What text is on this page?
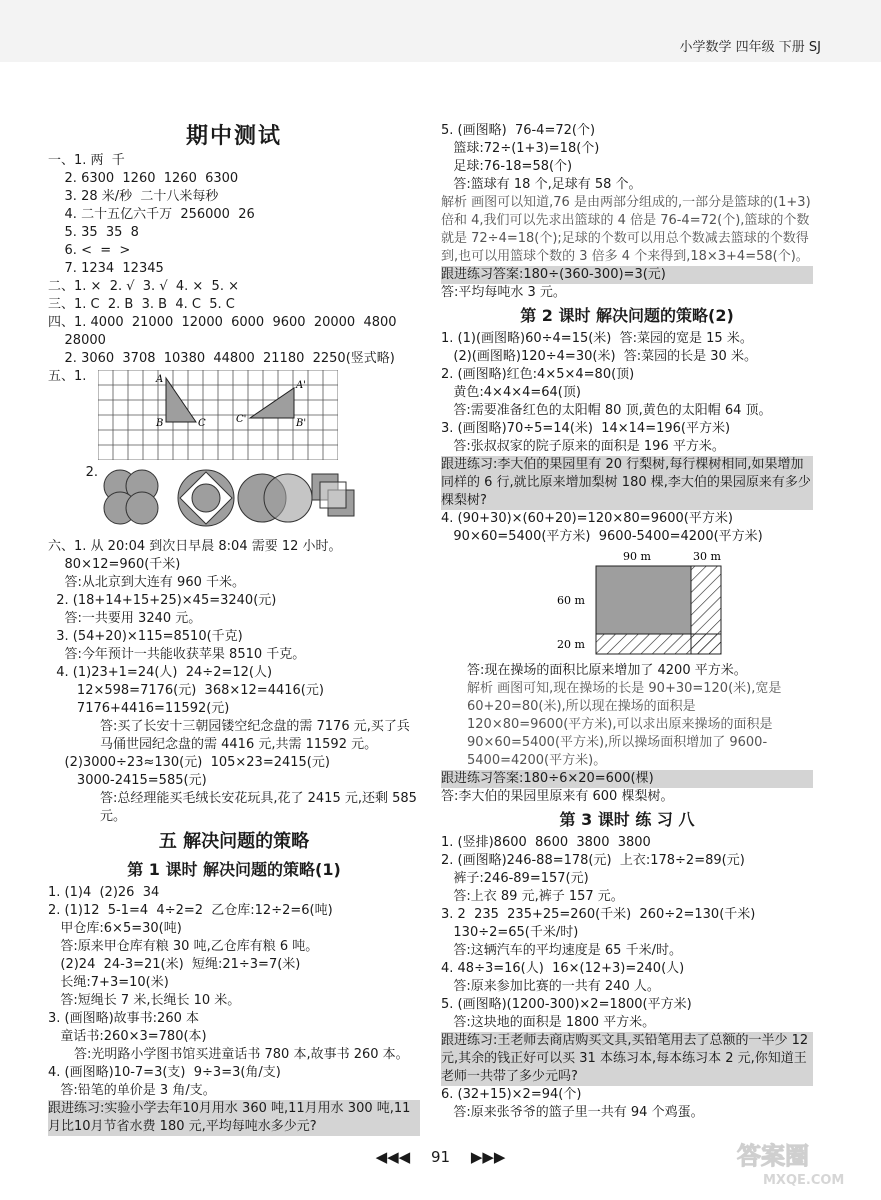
小学数学 四年级 下册 SJ
期中测试
一、1. 两  千
2. 6300  1260  1260  6300
3. 28 米/秒  二十八米每秒
4. 二十五亿六千万  256000  26
5. 35  35  8
6. <  =  >
7. 1234  12345
二、1. ×  2. √  3. √  4. ×  5. ×
三、1. C  2. B  3. B  4. C  5. C
四、1. 4000  21000  12000  6000  9600  20000  4800
28000
2. 3060  3708  10380  44800  21180  2250(竖式略)
五、1.	A
B	C
A'
B'
C'
2.
六、1. 从 20:04 到次日早晨 8:04 需要 12 小时。
80×12=960(千米)
答:从北京到大连有 960 千米。
2. (18+14+15+25)×45=3240(元)
答:一共要用 3240 元。
3. (54+20)×115=8510(千克)
答:今年预计一共能收获苹果 8510 千克。
4. (1)23+1=24(人)  24÷2=12(人)
12×598=7176(元)  368×12=4416(元)
7176+4416=11592(元)
答:买了长安十三朝园镂空纪念盘的需 7176 元,买了兵马俑世园纪念盘的需 4416 元,共需 11592 元。
(2)3000÷23≈130(元)  105×23=2415(元)
3000-2415=585(元)
答:总经理能买毛绒长安花玩具,花了 2415 元,还剩 585 元。
五 解决问题的策略
第 1 课时 解决问题的策略(1)
1. (1)4  (2)26  34
2. (1)12  5-1=4  4÷2=2  乙仓库:12÷2=6(吨)
甲仓库:6×5=30(吨)
答:原来甲仓库有粮 30 吨,乙仓库有粮 6 吨。
(2)24  24-3=21(米)  短绳:21÷3=7(米)
长绳:7+3=10(米)
答:短绳长 7 米,长绳长 10 米。
3. (画图略)故事书:260 本
童话书:260×3=780(本)
答:光明路小学图书馆买进童话书 780 本,故事书 260 本。
4. (画图略)10-7=3(支)  9÷3=3(角/支)
答:铅笔的单价是 3 角/支。
跟进练习:实验小学去年10月用水 360 吨,11月用水 300 吨,11月比10月节省水费 180 元,平均每吨水多少元?
5. (画图略)  76-4=72(个)
篮球:72÷(1+3)=18(个)
足球:76-18=58(个)
答:篮球有 18 个,足球有 58 个。
解析 画图可以知道,76 是由两部分组成的,一部分是篮球的(1+3)倍和 4,我们可以先求出篮球的 4 倍是 76-4=72(个),篮球的个数就是 72÷4=18(个);足球的个数可以用总个数减去篮球的个数得到,也可以用篮球个数的 3 倍多 4 个来得到,18×3+4=58(个)。
跟进练习答案:180÷(360-300)=3(元)
答:平均每吨水 3 元。
第 2 课时 解决问题的策略(2)
1. (1)(画图略)60÷4=15(米)  答:菜园的宽是 15 米。
(2)(画图略)120÷4=30(米)  答:菜园的长是 30 米。
2. (画图略)红色:4×5×4=80(顶)
黄色:4×4×4=64(顶)
答:需要准备红色的太阳帽 80 顶,黄色的太阳帽 64 顶。
3. (画图略)70÷5=14(米)  14×14=196(平方米)
答:张叔叔家的院子原来的面积是 196 平方米。
跟进练习:李大伯的果园里有 20 行梨树,每行棵树相同,如果增加同样的 6 行,就比原来增加梨树 180 棵,李大伯的果园原来有多少棵梨树?
4. (90+30)×(60+20)=120×80=9600(平方米)
90×60=5400(平方米)  9600-5400=4200(平方米)
90 m	30 m
60 m
20 m
答:现在操场的面积比原来增加了 4200 平方米。
解析 画图可知,现在操场的长是 90+30=120(米),宽是 60+20=80(米),所以现在操场的面积是 120×80=9600(平方米),可以求出原来操场的面积是 90×60=5400(平方米),所以操场面积增加了 9600-5400=4200(平方米)。
跟进练习答案:180÷6×20=600(棵)
答:李大伯的果园里原来有 600 棵梨树。
第 3 课时 练 习 八
1. (竖排)8600  8600  3800  3800
2. (画图略)246-88=178(元)  上衣:178÷2=89(元)
裤子:246-89=157(元)
答:上衣 89 元,裤子 157 元。
3. 2  235  235+25=260(千米)  260÷2=130(千米)
130÷2=65(千米/时)
答:这辆汽车的平均速度是 65 千米/时。
4. 48÷3=16(人)  16×(12+3)=240(人)
答:原来参加比赛的一共有 240 人。
5. (画图略)(1200-300)×2=1800(平方米)
答:这块地的面积是 1800 平方米。
跟进练习:王老师去商店购买文具,买铅笔用去了总额的一半少 12 元,其余的钱正好可以买 31 本练习本,每本练习本 2 元,你知道王老师一共带了多少元吗?
6. (32+15)×2=94(个)
答:原来张爷爷的篮子里一共有 94 个鸡蛋。
◀◀◀ 91 ▶▶▶	答案圈
MXQE.COM
